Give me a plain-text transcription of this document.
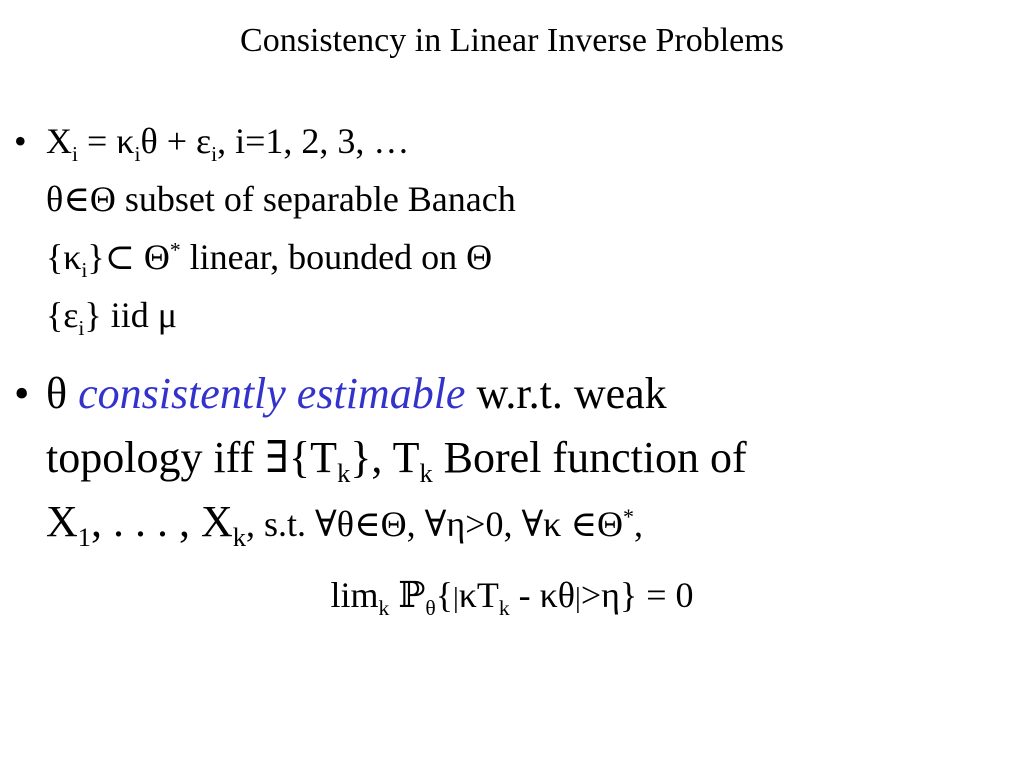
Consistency in Linear Inverse Problems
• $X_i = \kappa_i\theta + \varepsilon_i$, i=1, 2, 3, …
θ∈Θ subset of separable Banach
$\{\kappa_i\}\subset$ Θ* linear, bounded on Θ
$\{\varepsilon_i\}$ iid μ
• θ consistently estimable w.r.t. weak
topology iff $\exists\{T_k\}$, $T_k$ Borel function of
$X_1$, . . . , $X_k$, s.t. ∀θ∈Θ, ∀η>0, ∀κ ∈Θ*,
$\lim_k$ $ℙ_\theta\{|\kappa T_k - \kappa\theta|>\eta\} = 0$
